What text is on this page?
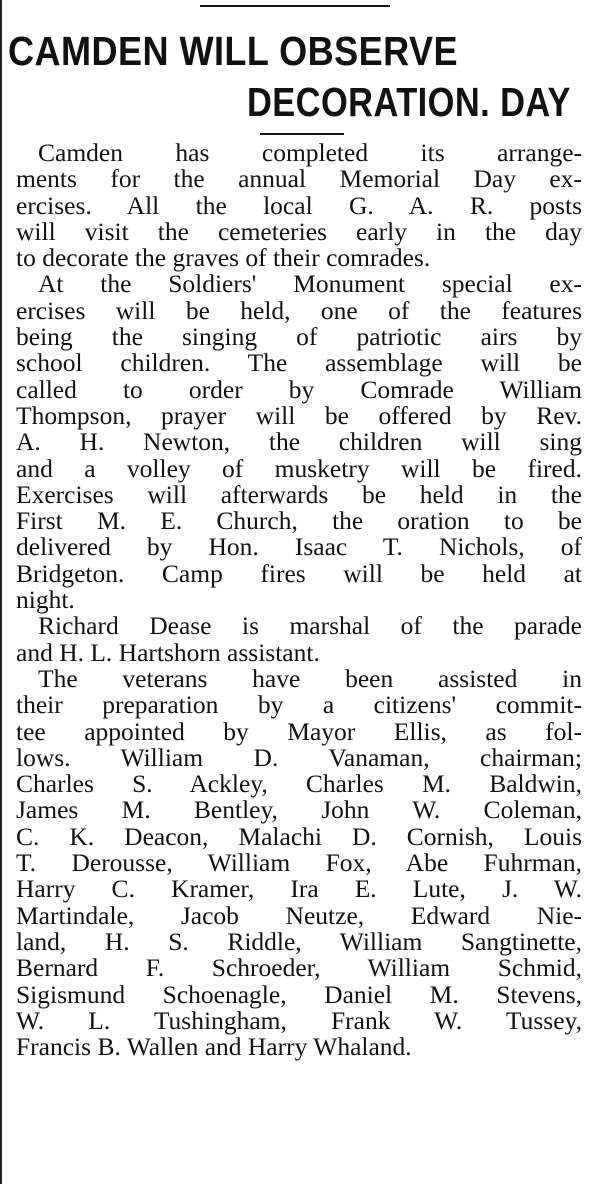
CAMDEN WILL OBSERVE
DECORATION. DAY
Camden has completed its arrange-
ments for the annual Memorial Day ex-
ercises. All the local G. A. R. posts
will visit the cemeteries early in the day
to decorate the graves of their comrades.
At the Soldiers' Monument special ex-
ercises will be held, one of the features
being the singing of patriotic airs by
school children. The assemblage will be
called to order by Comrade William
Thompson, prayer will be offered by Rev.
A. H. Newton, the children will sing
and a volley of musketry will be fired.
Exercises will afterwards be held in the
First M. E. Church, the oration to be
delivered by Hon. Isaac T. Nichols, of
Bridgeton. Camp fires will be held at
night.
Richard Dease is marshal of the parade
and H. L. Hartshorn assistant.
The veterans have been assisted in
their preparation by a citizens' commit-
tee appointed by Mayor Ellis, as fol-
lows. William D. Vanaman, chairman;
Charles S. Ackley, Charles M. Baldwin,
James M. Bentley, John W. Coleman,
C. K. Deacon, Malachi D. Cornish, Louis
T. Derousse, William Fox, Abe Fuhrman,
Harry C. Kramer, Ira E. Lute, J. W.
Martindale, Jacob Neutze, Edward Nie-
land, H. S. Riddle, William Sangtinette,
Bernard F. Schroeder, William Schmid,
Sigismund Schoenagle, Daniel M. Stevens,
W. L. Tushingham, Frank W. Tussey,
Francis B. Wallen and Harry Whaland.
